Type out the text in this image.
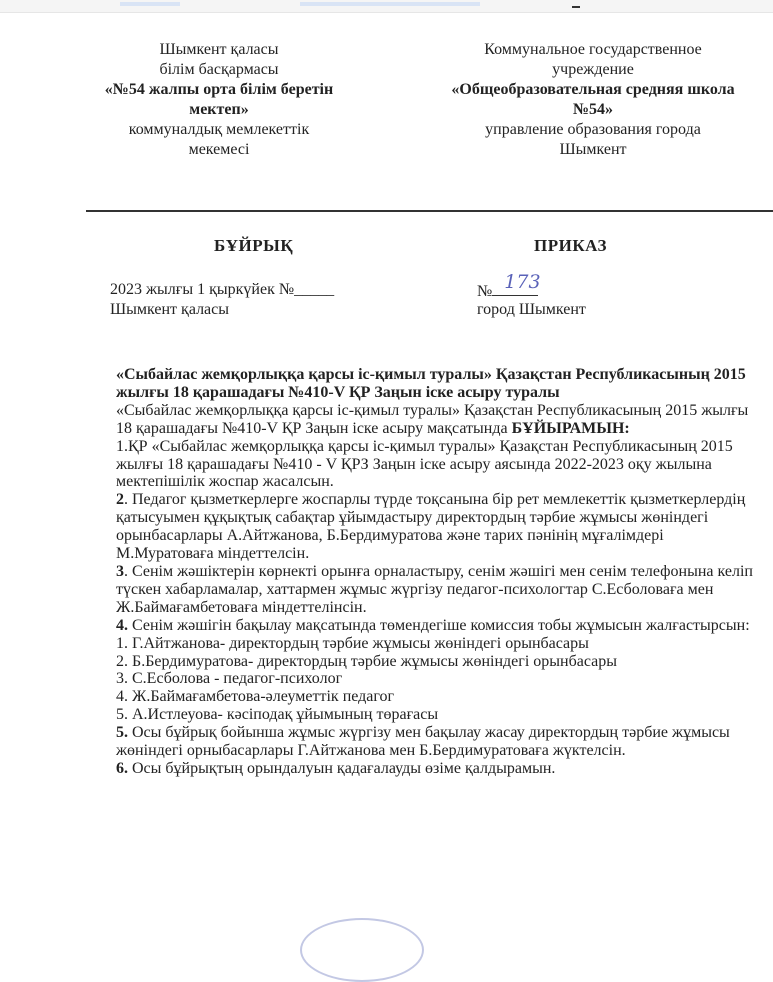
Шымкент қаласы
білім басқармасы
«№54 жалпы орта білім беретін
мектеп»
коммуналдық мемлекеттік
мекемесі
Коммунальное государственное
учреждение
«Общеобразовательная средняя школа
№54»
управление образования города
Шымкент
БҰЙРЫҚ	ПРИКАЗ
2023 жылғы 1 қыркүйек №_____
Шымкент қаласы
№ 173
город Шымкент

«Сыбайлас жемқорлыққа қарсы іс-қимыл туралы» Қазақстан Республикасының 2015 жылғы 18 қарашадағы №410-V ҚР Заңын іске асыру туралы

«Сыбайлас жемқорлыққа қарсы іс-қимыл туралы» Қазақстан Республикасының 2015 жылғы 18 қарашадағы №410-V ҚР Заңын іске асыру мақсатында БҰЙЫРАМЫН:

1.ҚР «Сыбайлас жемқорлыққа қарсы іс-қимыл туралы» Қазақстан Республикасының 2015 жылғы 18 қарашадағы №410 - V ҚРЗ Заңын іске асыру аясында 2022-2023 оқу жылына мектепішілік жоспар жасалсын.

2. Педагог қызметкерлерге жоспарлы түрде тоқсанына бір рет мемлекеттік қызметкерлердің қатысуымен құқықтық сабақтар ұйымдастыру директордың тәрбие жұмысы жөніндегі орынбасарлары А.Айтжанова, Б.Бердимуратова және тарих пәнінің мұғалімдері М.Муратоваға міндеттелсін.

3. Сенім жәшіктерін көрнекті орынға орналастыру, сенім жәшігі мен сенім телефонына келіп түскен хабарламалар, хаттармен жұмыс жүргізу педагог-психологтар С.Есболоваға мен Ж.Баймағамбетоваға міндеттелінсін.

4. Сенім жәшігін бақылау мақсатында төмендегіше комиссия тобы жұмысын жалғастырсын:

1. Г.Айтжанова- директордың тәрбие жұмысы жөніндегі орынбасары

2. Б.Бердимуратова- директордың тәрбие жұмысы жөніндегі орынбасары

3. С.Есболова - педагог-психолог

4. Ж.Баймағамбетова-әлеуметтік педагог

5. А.Истлеуова- кәсіподақ ұйымының төрағасы

5. Осы бұйрық бойынша жұмыс жүргізу мен бақылау жасау директордың тәрбие жұмысы жөніндегі орныбасарлары Г.Айтжанова мен Б.Бердимуратоваға жүктелсін.

6. Осы бұйрықтың орындалуын қадағалауды өзіме қалдырамын.
